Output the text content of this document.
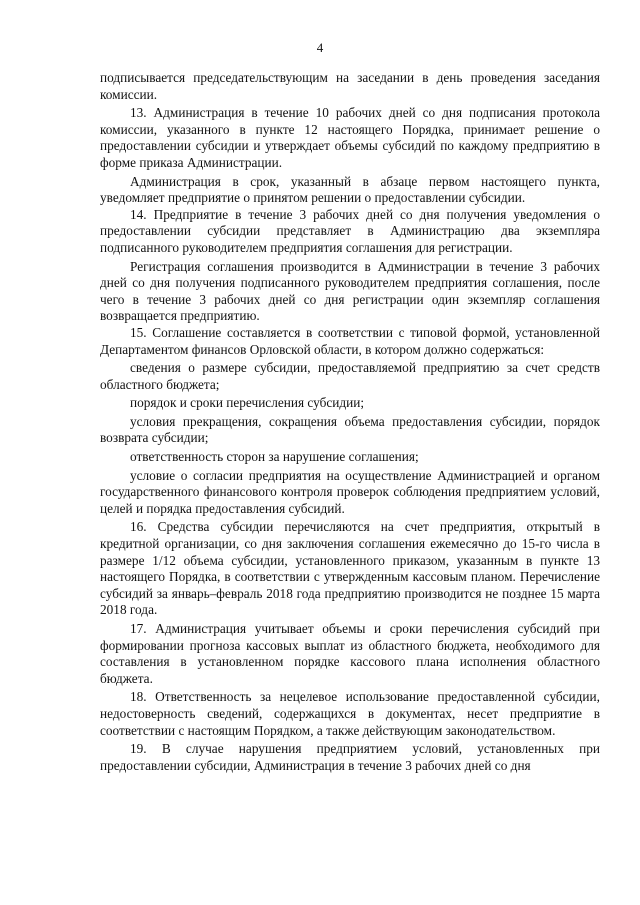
4

подписывается председательствующим на заседании в день проведения заседания комиссии.

13. Администрация в течение 10 рабочих дней со дня подписания протокола комиссии, указанного в пункте 12 настоящего Порядка, принимает решение о предоставлении субсидии и утверждает объемы субсидий по каждому предприятию в форме приказа Администрации.

Администрация в срок, указанный в абзаце первом настоящего пункта, уведомляет предприятие о принятом решении о предоставлении субсидии.

14. Предприятие в течение 3 рабочих дней со дня получения уведомления о предоставлении субсидии представляет в Администрацию два экземпляра подписанного руководителем предприятия соглашения для регистрации.

Регистрация соглашения производится в Администрации в течение 3 рабочих дней со дня получения подписанного руководителем предприятия соглашения, после чего в течение 3 рабочих дней со дня регистрации один экземпляр соглашения возвращается предприятию.

15. Соглашение составляется в соответствии с типовой формой, установленной Департаментом финансов Орловской области, в котором должно содержаться:

сведения о размере субсидии, предоставляемой предприятию за счет средств областного бюджета;

порядок и сроки перечисления субсидии;

условия прекращения, сокращения объема предоставления субсидии, порядок возврата субсидии;

ответственность сторон за нарушение соглашения;

условие о согласии предприятия на осуществление Администрацией и органом государственного финансового контроля проверок соблюдения предприятием условий, целей и порядка предоставления субсидий.

16. Средства субсидии перечисляются на счет предприятия, открытый в кредитной организации, со дня заключения соглашения ежемесячно до 15-го числа в размере 1/12 объема субсидии, установленного приказом, указанным в пункте 13 настоящего Порядка, в соответствии с утвержденным кассовым планом. Перечисление субсидий за январь–февраль 2018 года предприятию производится не позднее 15 марта 2018 года.

17. Администрация учитывает объемы и сроки перечисления субсидий при формировании прогноза кассовых выплат из областного бюджета, необходимого для составления в установленном порядке кассового плана исполнения областного бюджета.

18. Ответственность за нецелевое использование предоставленной субсидии, недостоверность сведений, содержащихся в документах, несет предприятие в соответствии с настоящим Порядком, а также действующим законодательством.

19. В случае нарушения предприятием условий, установленных при предоставлении субсидии, Администрация в течение 3 рабочих дней со дня
